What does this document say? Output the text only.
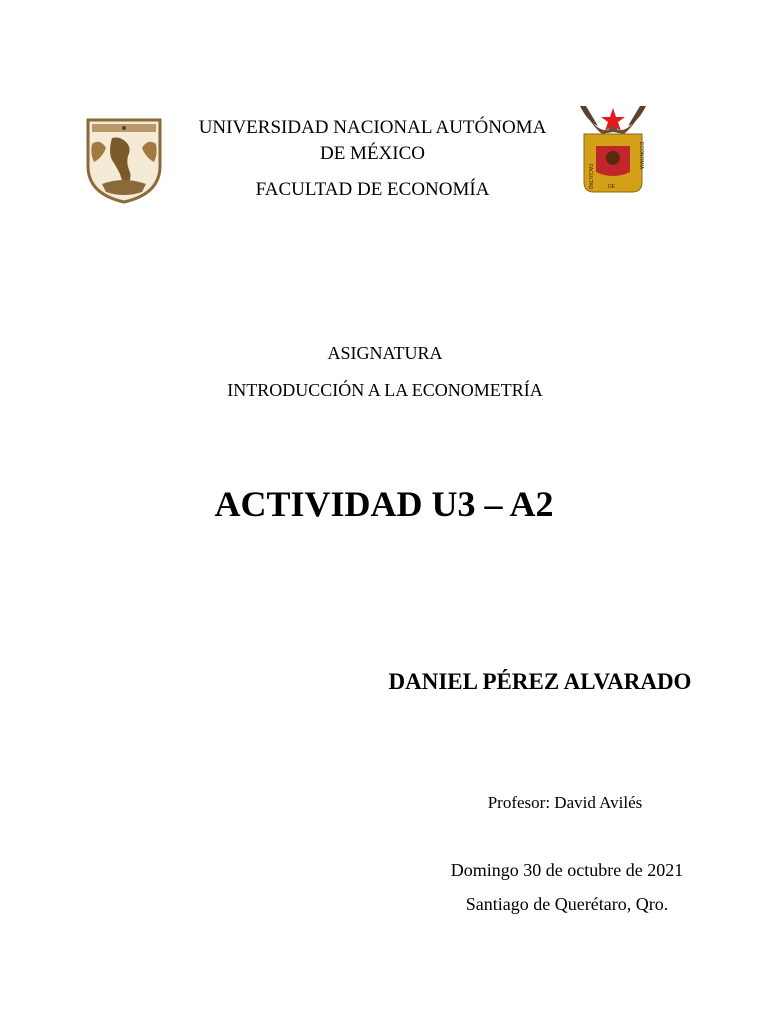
UNIVERSIDAD NACIONAL AUTÓNOMA
DE MÉXICO
FACULTAD DE ECONOMÍA
FACULTAD
ECONOMIA
DE
ASIGNATURA
INTRODUCCIÓN A LA ECONOMETRÍA
ACTIVIDAD U3 – A2
DANIEL PÉREZ ALVARADO
Profesor: David Avilés
Domingo 30 de octubre de 2021
Santiago de Querétaro, Qro.
